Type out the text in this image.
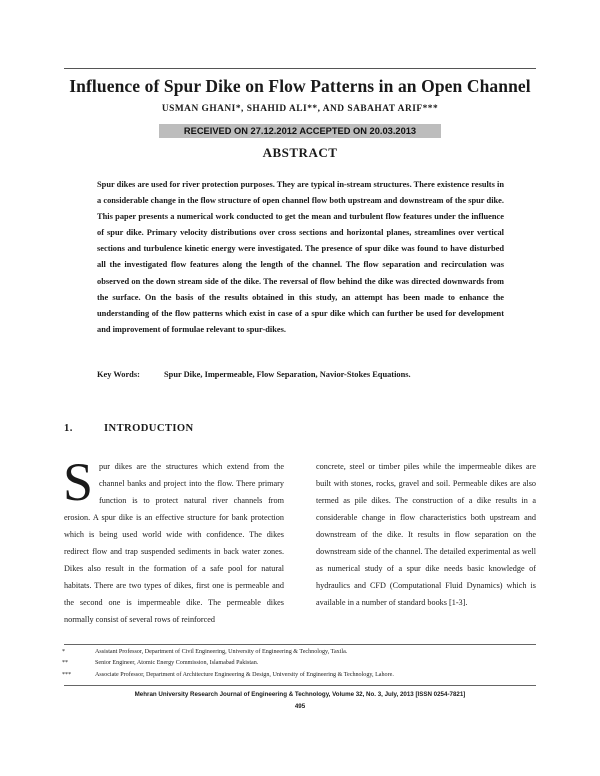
Influence of Spur Dike on Flow Patterns in an Open Channel
USMAN GHANI*, SHAHID ALI**, AND SABAHAT ARIF***
RECEIVED ON 27.12.2012 ACCEPTED ON 20.03.2013
ABSTRACT
Spur dikes are used for river protection purposes. They are typical in-stream structures. There existence results in a considerable change in the flow structure of open channel flow both upstream and downstream of the spur dike. This paper presents a numerical work conducted to get the mean and turbulent flow features under the influence of spur dike. Primary velocity distributions over cross sections and horizontal planes, streamlines over vertical sections and turbulence kinetic energy were investigated. The presence of spur dike was found to have disturbed all the investigated flow features along the length of the channel. The flow separation and recirculation was observed on the down stream side of the dike. The reversal of flow behind the dike was directed downwards from the surface. On the basis of the results obtained in this study, an attempt has been made to enhance the understanding of the flow patterns which exist in case of a spur dike which can further be used for development and improvement of formulae relevant to spur-dikes.
Key Words:	Spur Dike, Impermeable, Flow Separation, Navior-Stokes Equations.
1.	INTRODUCTION
Spur dikes are the structures which extend from the channel banks and project into the flow. There primary function is to protect natural river channels from erosion. A spur dike is an effective structure for bank protection which is being used world wide with confidence. The dikes redirect flow and trap suspended sediments in back water zones. Dikes also result in the formation of a safe pool for natural habitats. There are two types of dikes, first one is permeable and the second one is impermeable dike. The permeable dikes normally consist of several rows of reinforced
concrete, steel or timber piles while the impermeable dikes are built with stones, rocks, gravel and soil. Permeable dikes are also termed as pile dikes. The construction of a dike results in a considerable change in flow characteristics both upstream and downstream of the dike. It results in flow separation on the downstream side of the channel. The detailed experimental as well as numerical study of a spur dike needs basic knowledge of hydraulics and CFD (Computational Fluid Dynamics) which is available in a number of standard books [1-3].
*	Assistant Professor, Department of Civil Engineering, University of Engineering & Technology, Taxila.
**	Senior Engineer, Atomic Energy Commission, Islamabad Pakistan.
***	Associate Professor, Department of Architecture Engineering & Design, University of Engineering & Technology, Lahore.
Mehran University Research Journal of Engineering & Technology, Volume 32, No. 3, July, 2013 [ISSN 0254-7821]
495
